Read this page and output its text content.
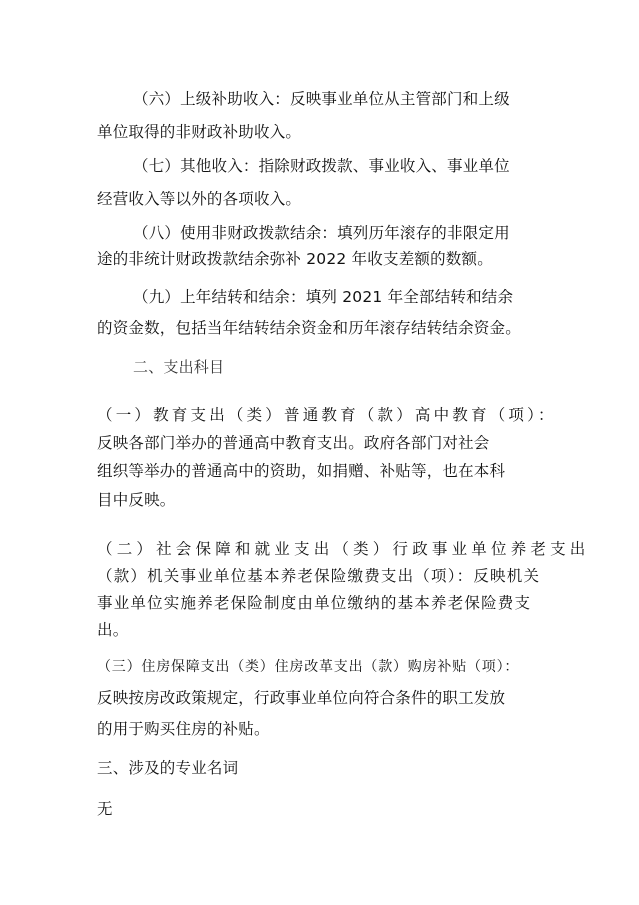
（六）上级补助收入：反映事业单位从主管部门和上级
单位取得的非财政补助收入。
（七）其他收入：指除财政拨款、事业收入、事业单位
经营收入等以外的各项收入。
（八）使用非财政拨款结余：填列历年滚存的非限定用
途的非统计财政拨款结余弥补 2022 年收支差额的数额。
（九）上年结转和结余：填列 2021 年全部结转和结余
的资金数，包括当年结转结余资金和历年滚存结转结余资金。
二、支出科目
（一）教育支出（类）普通教育（款）高中教育（项）：
反映各部门举办的普通高中教育支出。政府各部门对社会
组织等举办的普通高中的资助，如捐赠、补贴等，也在本科
目中反映。
（二）社会保障和就业支出（类）行政事业单位养老支出
（款）机关事业单位基本养老保险缴费支出（项）：反映机关
事业单位实施养老保险制度由单位缴纳的基本养老保险费支
出。
（三）住房保障支出（类）住房改革支出（款）购房补贴（项）：
反映按房改政策规定，行政事业单位向符合条件的职工发放
的用于购买住房的补贴。
三、涉及的专业名词
无
